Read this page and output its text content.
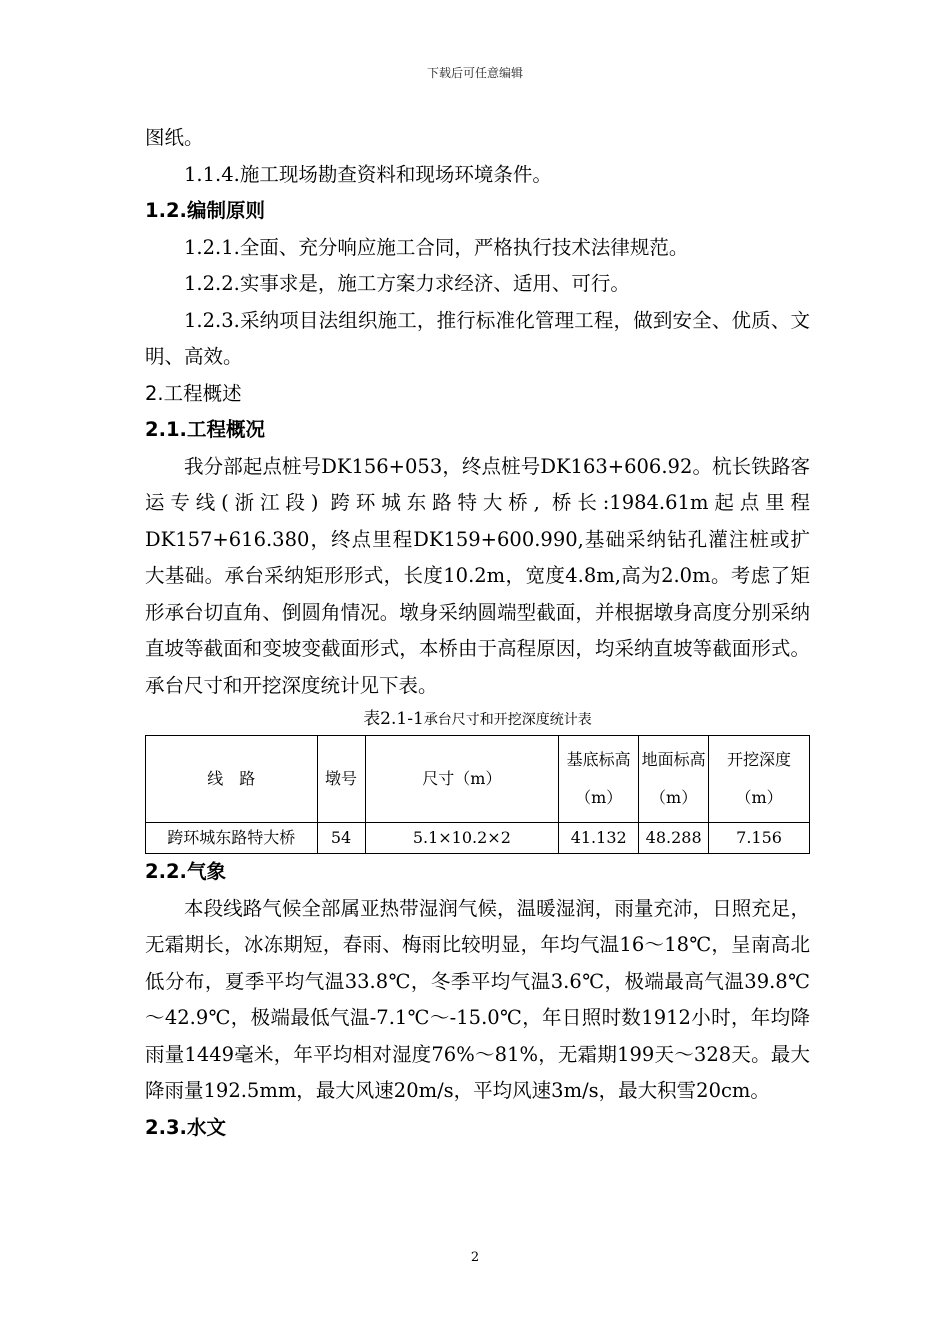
下载后可任意编辑

图纸。

1.1.4.施工现场勘查资料和现场环境条件。

1.2.编制原则

1.2.1.全面、充分响应施工合同，严格执行技术法律规范。

1.2.2.实事求是，施工方案力求经济、适用、可行。

1.2.3.采纳项目法组织施工，推行标准化管理工程，做到安全、优质、文明、高效。

2.工程概述

2.1.工程概况

我分部起点桩号DK156+053，终点桩号DK163+606.92。杭长铁路客运专线(浙江段) 跨环城东路特大桥, 桥长:1984.61m起点里程DK157+616.380，终点里程DK159+600.990,基础采纳钻孔灌注桩或扩大基础。承台采纳矩形形式，长度10.2m，宽度4.8m,高为2.0m。考虑了矩形承台切直角、倒圆角情况。墩身采纳圆端型截面，并根据墩身高度分别采纳直坡等截面和变坡变截面形式，本桥由于高程原因，均采纳直坡等截面形式。承台尺寸和开挖深度统计见下表。

表2.1-1承台尺寸和开挖深度统计表

线　路	墩号	尺寸（m）	基底标高（m）	地面标高（m）	开挖深度（m）
跨环城东路特大桥	54	5.1×10.2×2	41.132	48.288	7.156

2.2.气象

本段线路气候全部属亚热带湿润气候，温暖湿润，雨量充沛，日照充足，无霜期长，冰冻期短，春雨、梅雨比较明显，年均气温16～18℃，呈南高北低分布，夏季平均气温33.8℃，冬季平均气温3.6℃，极端最高气温39.8℃～42.9℃，极端最低气温-7.1℃～-15.0℃，年日照时数1912小时，年均降雨量1449毫米，年平均相对湿度76%～81%，无霜期199天～328天。最大降雨量192.5mm，最大风速20m/s，平均风速3m/s，最大积雪20cm。

2.3.水文

2
